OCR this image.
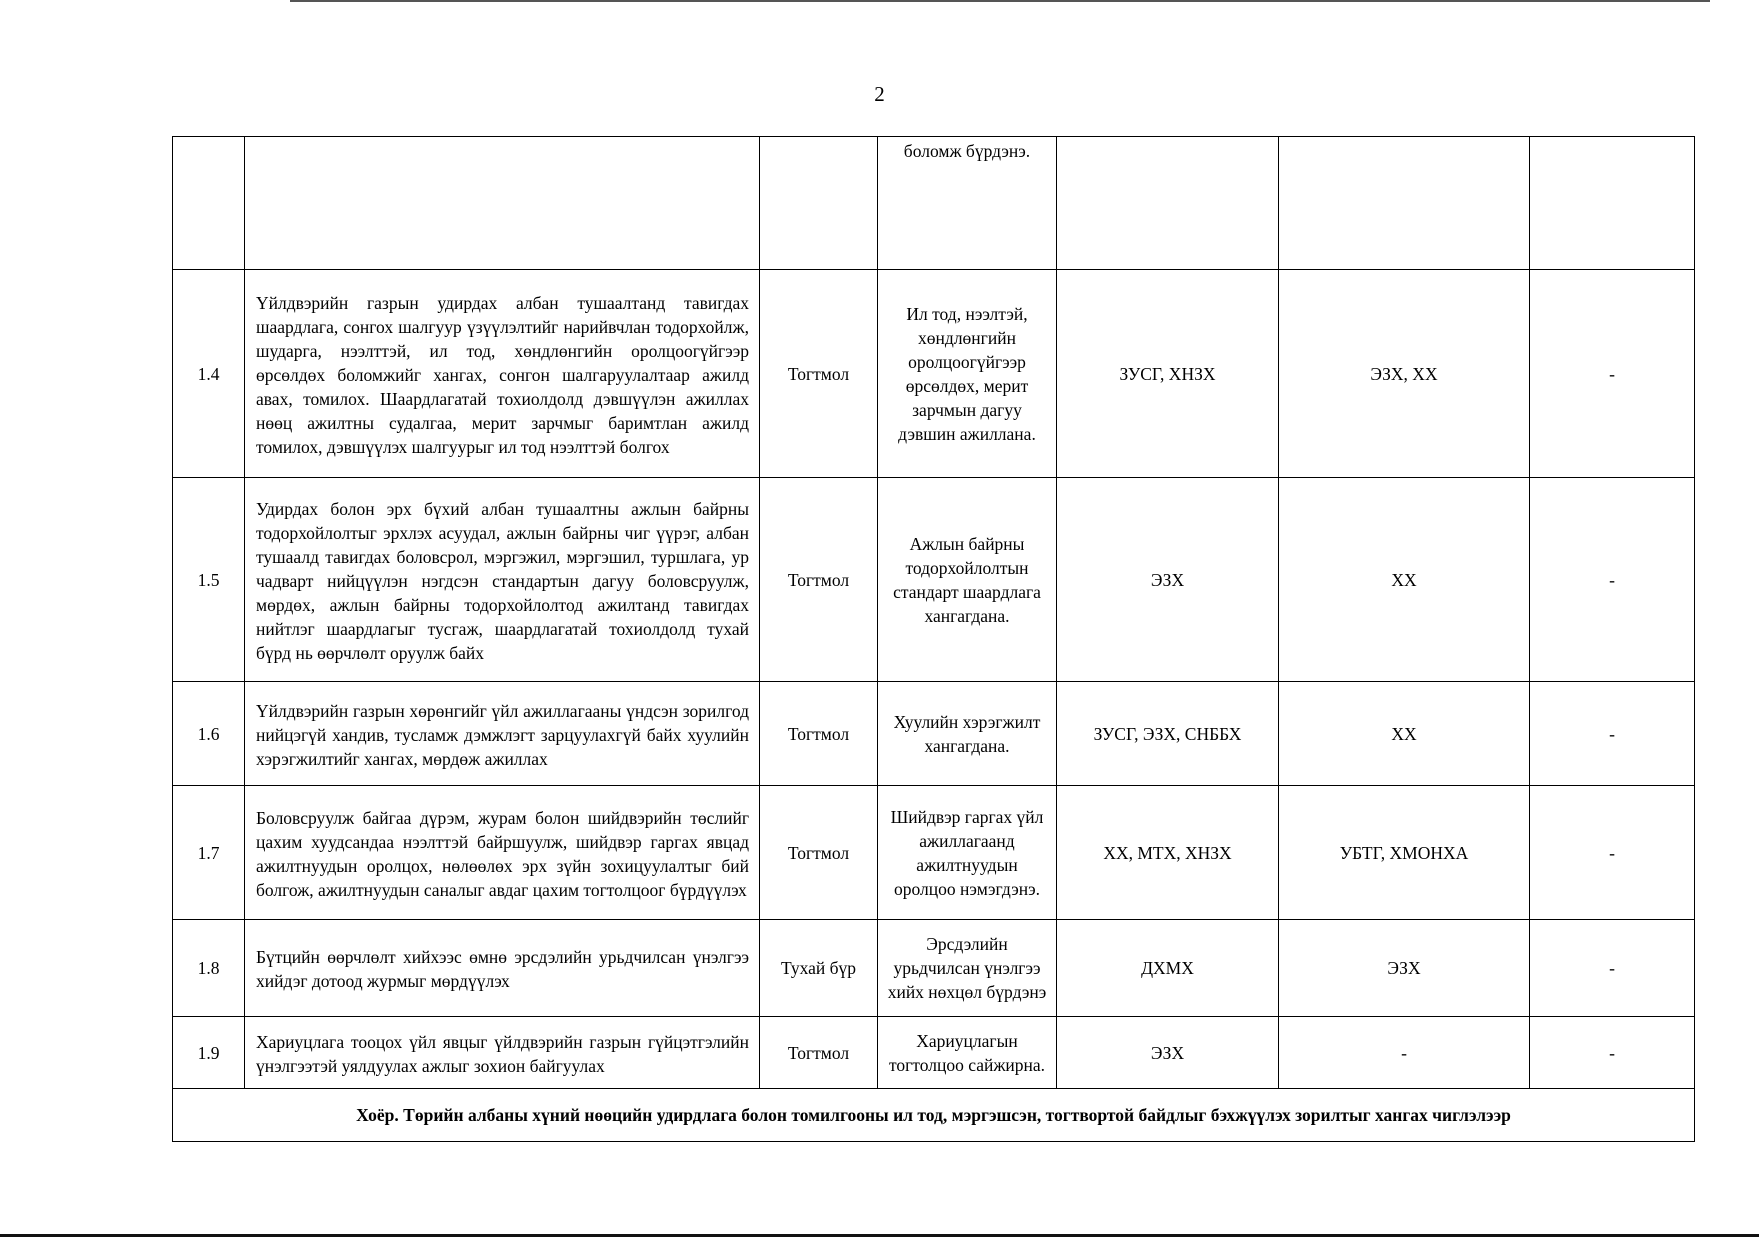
2
			боломж бүрдэнэ.			
1.4	Үйлдвэрийн газрын удирдах албан тушаалтанд тавигдах шаардлага, сонгох шалгуур үзүүлэлтийг нарийвчлан тодорхойлж, шударга, нээлттэй, ил тод, хөндлөнгийн оролцоогүйгээр өрсөлдөх боломжийг хангах, сонгон шалгаруулалтаар ажилд авах, томилох. Шаардлагатай тохиолдолд дэвшүүлэн ажиллах нөөц ажилтны судалгаа, мерит зарчмыг баримтлан ажилд томилох, дэвшүүлэх шалгуурыг ил тод нээлттэй болгох	Тогтмол	Ил тод, нээлтэй, хөндлөнгийн оролцоогүйгээр өрсөлдөх, мерит зарчмын дагуу дэвшин ажиллана.	ЗУСГ, ХНЗХ	ЭЗХ, ХХ	-
1.5	Удирдах болон эрх бүхий албан тушаалтны ажлын байрны тодорхойлолтыг эрхлэх асуудал, ажлын байрны чиг үүрэг, албан тушаалд тавигдах боловсрол, мэргэжил, мэргэшил, туршлага, ур чадварт нийцүүлэн нэгдсэн стандартын дагуу боловсруулж, мөрдөх, ажлын байрны тодорхойлолтод ажилтанд тавигдах нийтлэг шаардлагыг тусгаж, шаардлагатай тохиолдолд тухай бүрд нь өөрчлөлт оруулж байх	Тогтмол	Ажлын байрны тодорхойлолтын стандарт шаардлага хангагдана.	ЭЗХ	ХХ	-
1.6	Үйлдвэрийн газрын хөрөнгийг үйл ажиллагааны үндсэн зорилгод нийцэгүй хандив, тусламж дэмжлэгт зарцуулахгүй байх хуулийн хэрэгжилтийг хангах, мөрдөж ажиллах	Тогтмол	Хуулийн хэрэгжилт хангагдана.	ЗУСГ, ЭЗХ, СНББХ	ХХ	-
1.7	Боловсруулж байгаа дүрэм, журам болон шийдвэрийн төслийг цахим хуудсандаа нээлттэй байршуулж, шийдвэр гаргах явцад ажилтнуудын оролцох, нөлөөлөх эрх зүйн зохицуулалтыг бий болгож, ажилтнуудын саналыг авдаг цахим тогтолцоог бүрдүүлэх	Тогтмол	Шийдвэр гаргах үйл ажиллагаанд ажилтнуудын оролцоо нэмэгдэнэ.	ХХ, МТХ, ХНЗХ	УБТГ, ХМОНХА	-
1.8	Бүтцийн өөрчлөлт хийхээс өмнө эрсдэлийн урьдчилсан үнэлгээ хийдэг дотоод журмыг мөрдүүлэх	Тухай бүр	Эрсдэлийн урьдчилсан үнэлгээ хийх нөхцөл бүрдэнэ	ДХМХ	ЭЗХ	-
1.9	Хариуцлага тооцох үйл явцыг үйлдвэрийн газрын гүйцэтгэлийн үнэлгээтэй уялдуулах ажлыг зохион байгуулах	Тогтмол	Хариуцлагын тогтолцоо сайжирна.	ЭЗХ	-	-
Хоёр. Төрийн албаны хүний нөөцийн удирдлага болон томилгооны ил тод, мэргэшсэн, тогтвортой байдлыг бэхжүүлэх зорилтыг хангах чиглэлээр						
